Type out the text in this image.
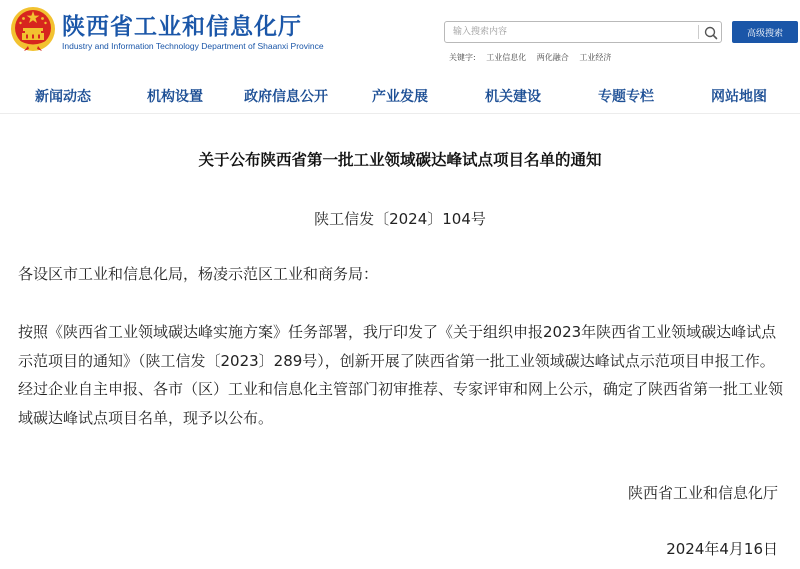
陕西省工业和信息化厅
Industry and Information Technology Department of Shaanxi Province
输入搜索内容
高级搜索
关键字: 工业信息化 两化融合 工业经济
新闻动态	机构设置	政府信息公开	产业发展	机关建设	专题专栏	网站地图
关于公布陕西省第一批工业领域碳达峰试点项目名单的通知
陕工信发〔2024〕104号
各设区市工业和信息化局，杨凌示范区工业和商务局：
按照《陕西省工业领域碳达峰实施方案》任务部署，我厅印发了《关于组织申报2023年陕西省工业领域碳达峰试点示范项目的通知》（陕工信发〔2023〕289号），创新开展了陕西省第一批工业领域碳达峰试点示范项目申报工作。经过企业自主申报、各市（区）工业和信息化主管部门初审推荐、专家评审和网上公示，确定了陕西省第一批工业领域碳达峰试点项目名单，现予以公布。
陕西省工业和信息化厅
2024年4月16日
